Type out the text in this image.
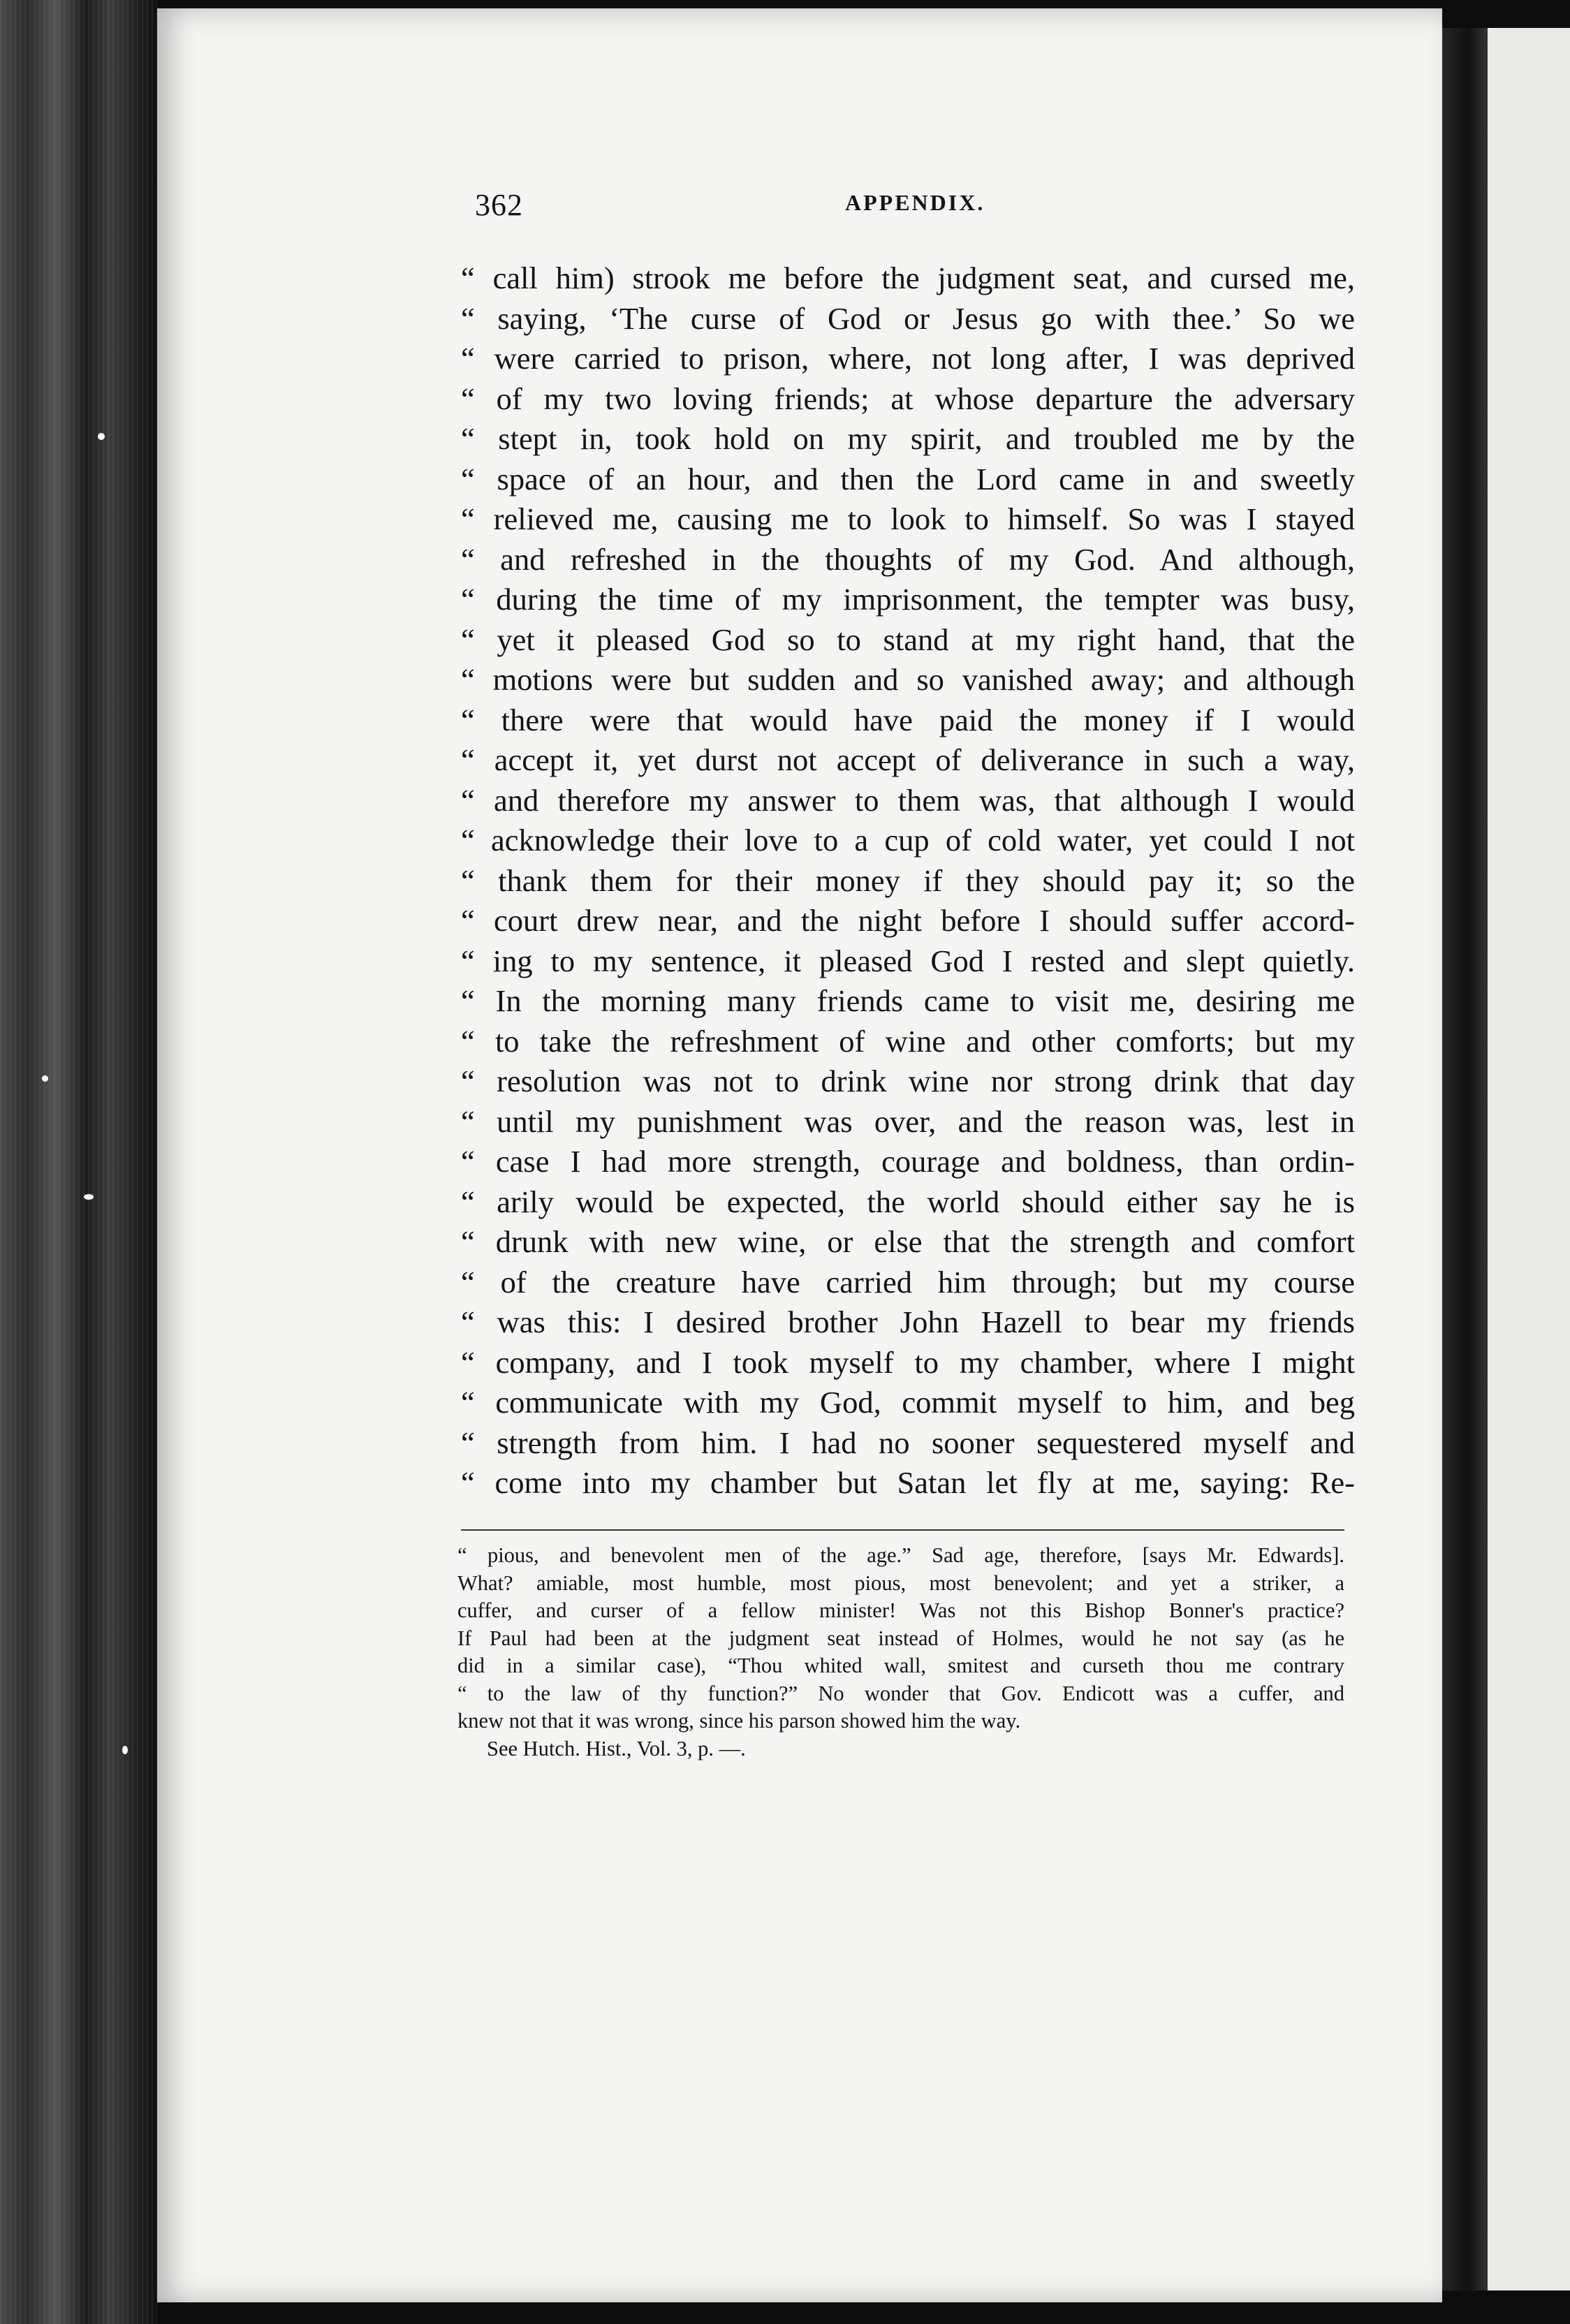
362	APPENDIX.
“ call him) strook me before the judgment seat, and cursed me,
“ saying, ‘The curse of God or Jesus go with thee.’ So we
“ were carried to prison, where, not long after, I was deprived
“ of my two loving friends; at whose departure the adversary
“ stept in, took hold on my spirit, and troubled me by the
“ space of an hour, and then the Lord came in and sweetly
“ relieved me, causing me to look to himself. So was I stayed
“ and refreshed in the thoughts of my God. And although,
“ during the time of my imprisonment, the tempter was busy,
“ yet it pleased God so to stand at my right hand, that the
“ motions were but sudden and so vanished away; and although
“ there were that would have paid the money if I would
“ accept it, yet durst not accept of deliverance in such a way,
“ and therefore my answer to them was, that although I would
“ acknowledge their love to a cup of cold water, yet could I not
“ thank them for their money if they should pay it; so the
“ court drew near, and the night before I should suffer accord-
“ ing to my sentence, it pleased God I rested and slept quietly.
“ In the morning many friends came to visit me, desiring me
“ to take the refreshment of wine and other comforts; but my
“ resolution was not to drink wine nor strong drink that day
“ until my punishment was over, and the reason was, lest in
“ case I had more strength, courage and boldness, than ordin-
“ arily would be expected, the world should either say he is
“ drunk with new wine, or else that the strength and comfort
“ of the creature have carried him through; but my course
“ was this: I desired brother John Hazell to bear my friends
“ company, and I took myself to my chamber, where I might
“ communicate with my God, commit myself to him, and beg
“ strength from him. I had no sooner sequestered myself and
“ come into my chamber but Satan let fly at me, saying: Re-
“ pious, and benevolent men of the age.” Sad age, therefore, [says Mr. Edwards].
What? amiable, most humble, most pious, most benevolent; and yet a striker, a
cuffer, and curser of a fellow minister! Was not this Bishop Bonner's practice?
If Paul had been at the judgment seat instead of Holmes, would he not say (as he
did in a similar case), “Thou whited wall, smitest and curseth thou me contrary
“ to the law of thy function?” No wonder that Gov. Endicott was a cuffer, and
knew not that it was wrong, since his parson showed him the way.
See Hutch. Hist., Vol. 3, p. —.
